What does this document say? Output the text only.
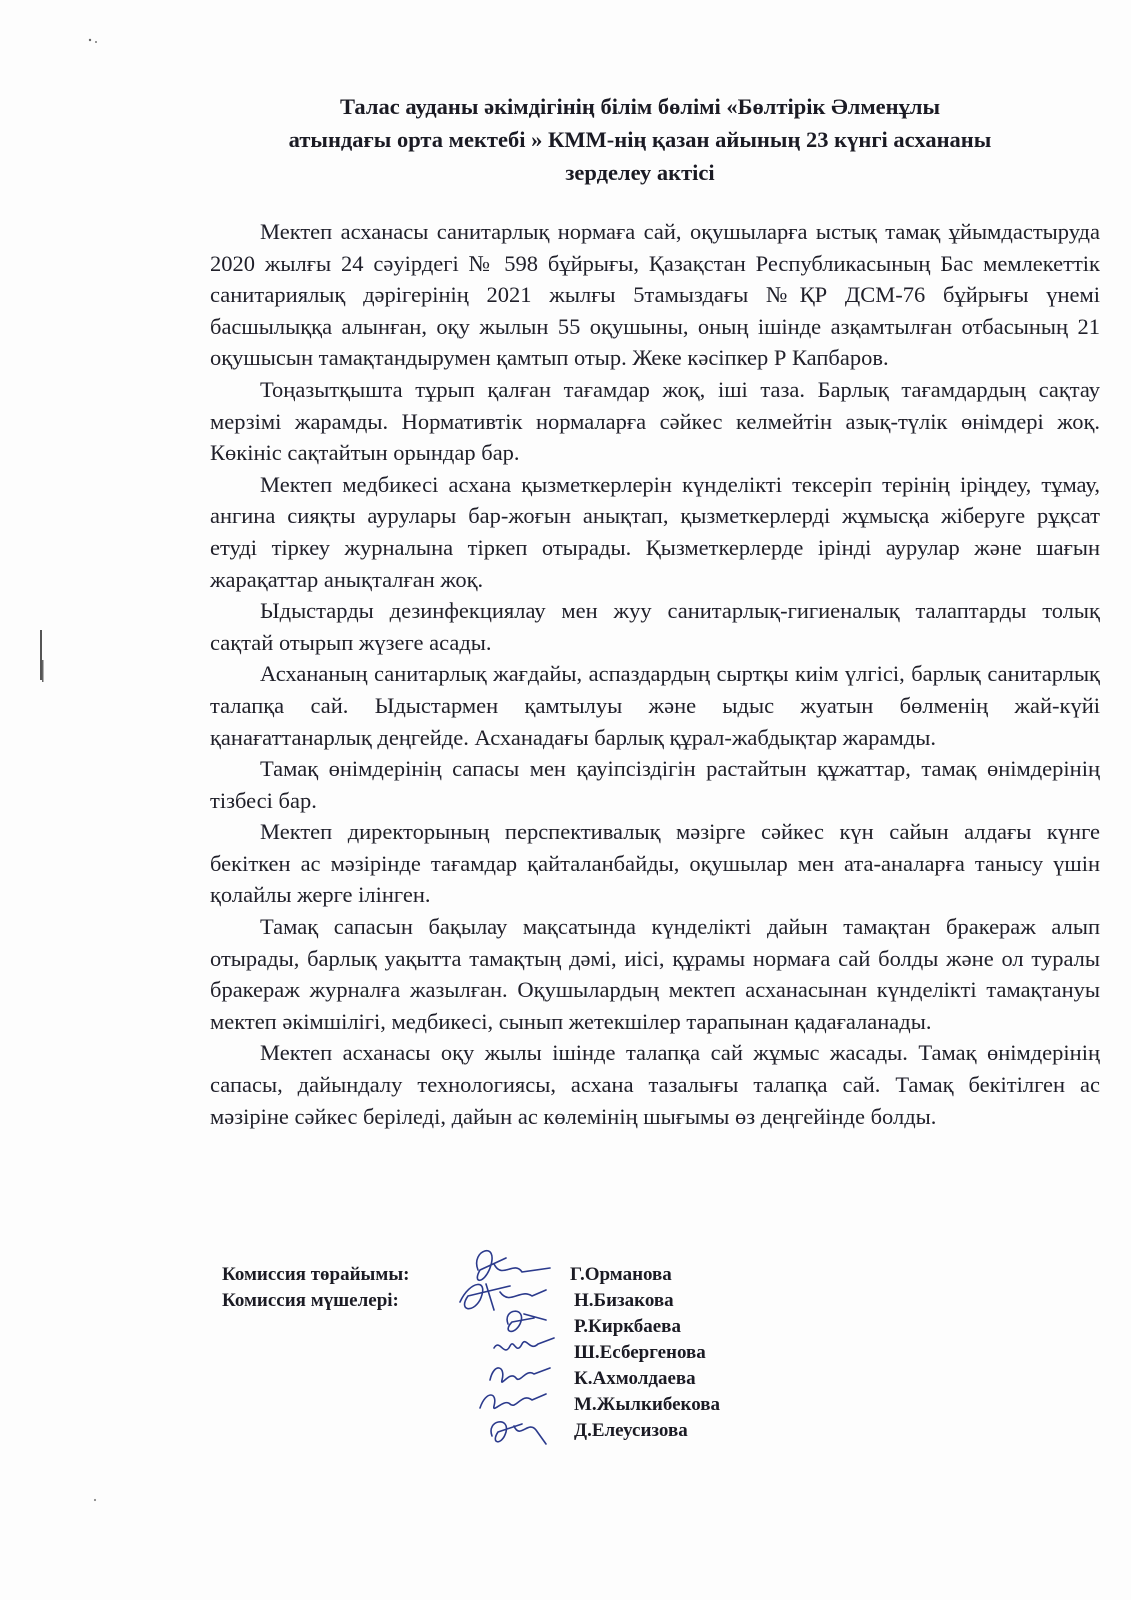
Талас ауданы әкімдігінің білім бөлімі «Бөлтірік Әлменұлы
атындағы орта мектебі » КММ-нің қазан айының 23 күнгі асхананы
зерделеу актісі

Мектеп асханасы санитарлық нормаға сай, оқушыларға ыстық тамақ ұйымдастыруда 2020 жылғы 24 сәуірдегі № 598 бұйрығы, Қазақстан Республикасының Бас мемлекеттік санитариялық дәрігерінің 2021 жылғы 5тамыздағы №ҚР ДСМ-76 бұйрығы үнемі басшылыққа алынған, оқу жылын 55 оқушыны, оның ішінде азқамтылған отбасының 21 оқушысын тамақтандырумен қамтып отыр. Жеке кәсіпкер Р Капбаров.

Тоңазытқышта тұрып қалған тағамдар жоқ, іші таза. Барлық тағамдардың сақтау мерзімі жарамды. Нормативтік нормаларға сәйкес келмейтін азық-түлік өнімдері жоқ. Көкініс сақтайтын орындар бар.

Мектеп медбикесі асхана қызметкерлерін күнделікті тексеріп терінің іріңдеу, тұмау, ангина сияқты аурулары бар-жоғын анықтап, қызметкерлерді жұмысқа жіберуге рұқсат етуді тіркеу журналына тіркеп отырады. Қызметкерлерде ірінді аурулар және шағын жарақаттар анықталған жоқ.

Ыдыстарды дезинфекциялау мен жуу санитарлық-гигиеналық талаптарды толық сақтай отырып жүзеге асады.

Асхананың санитарлық жағдайы, аспаздардың сыртқы киім үлгісі, барлық санитарлық талапқа сай. Ыдыстармен қамтылуы және ыдыс жуатын бөлменің жай-күйі қанағаттанарлық деңгейде. Асханадағы барлық құрал-жабдықтар жарамды.

Тамақ өнімдерінің сапасы мен қауіпсіздігін растайтын құжаттар, тамақ өнімдерінің тізбесі бар.

Мектеп директорының перспективалық мәзірге сәйкес күн сайын алдағы күнге бекіткен ас мәзірінде тағамдар қайталанбайды, оқушылар мен ата-аналарға танысу үшін қолайлы жерге ілінген.

Тамақ сапасын бақылау мақсатында күнделікті дайын тамақтан бракераж алып отырады, барлық уақытта тамақтың дәмі, иісі, құрамы нормаға сай болды және ол туралы бракераж журналға жазылған. Оқушылардың мектеп асханасынан күнделікті тамақтануы мектеп әкімшілігі, медбикесі, сынып жетекшілер тарапынан қадағаланады.

Мектеп асханасы оқу жылы ішінде талапқа сай жұмыс жасады. Тамақ өнімдерінің сапасы, дайындалу технологиясы, асхана тазалығы талапқа сай. Тамақ бекітілген ас мәзіріне сәйкес беріледі, дайын ас көлемінің шығымы өз деңгейінде болды.

Комиссия төрайымы:
Комиссия мүшелері:
Г.Орманова
Н.Бизакова
Р.Киркбаева
Ш.Есбергенова
К.Ахмолдаева
М.Жылкибекова
Д.Елеусизова
